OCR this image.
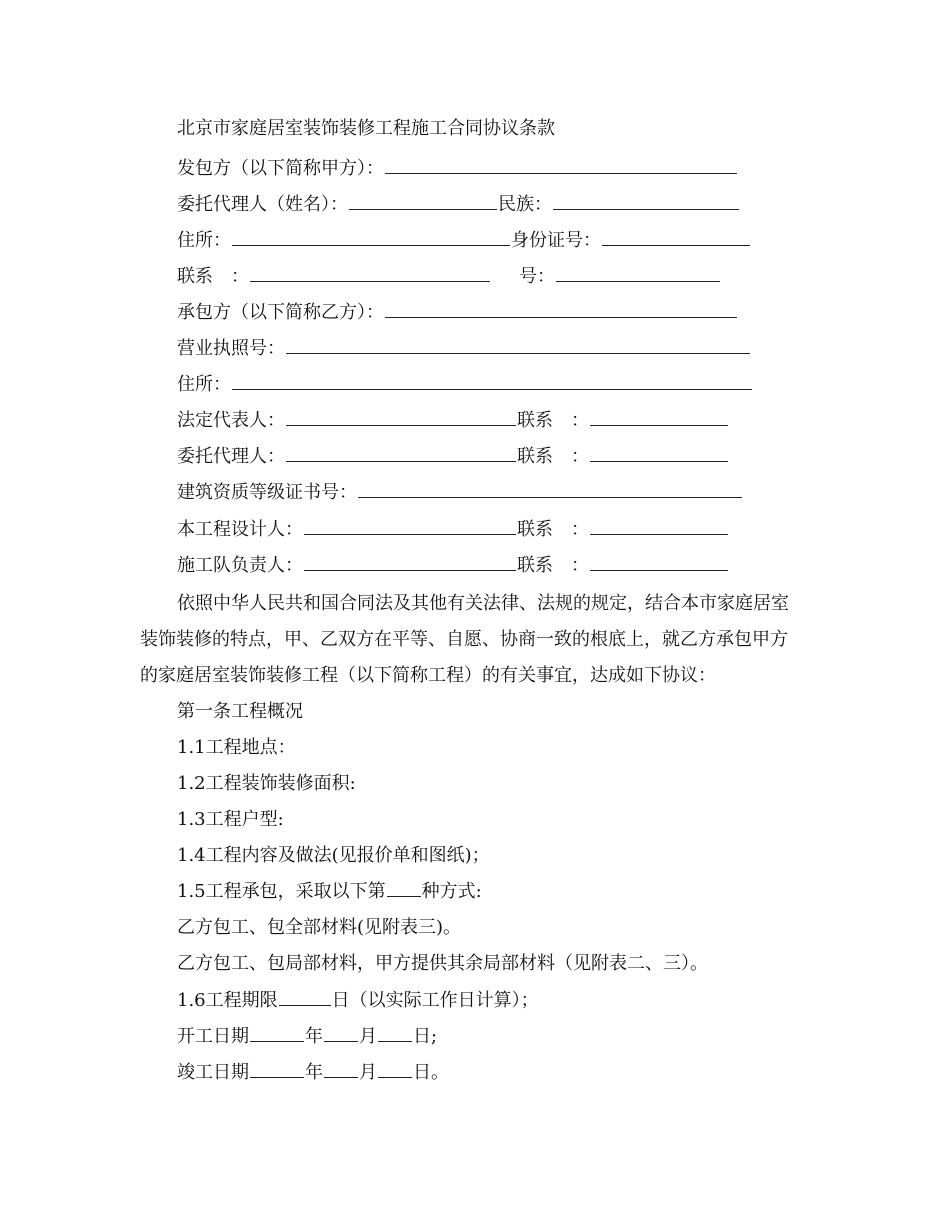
北京市家庭居室装饰装修工程施工合同协议条款
发包方（以下简称甲方）：
委托代理人（姓名）：	民族：
住所：	身份证号：
联系　：	号：
承包方（以下简称乙方）：
营业执照号：
住所：
法定代表人：	联系　：
委托代理人：	联系　：
建筑资质等级证书号：
本工程设计人：	联系　：
施工队负责人：	联系　：
依照中华人民共和国合同法及其他有关法律、法规的规定，结合本市家庭居室
装饰装修的特点，甲、乙双方在平等、自愿、协商一致的根底上，就乙方承包甲方
的家庭居室装饰装修工程（以下简称工程）的有关事宜，达成如下协议：
第一条工程概况
1.1工程地点：
1.2工程装饰装修面积:
1.3工程户型:
1.4工程内容及做法(见报价单和图纸)；
1.5工程承包，采取以下第 种方式:
乙方包工、包全部材料(见附表三)。
乙方包工、包局部材料，甲方提供其余局部材料（见附表二、三）。
1.6工程期限	日（以实际工作日计算）；
开工日期	年 月 日;
竣工日期	年 月 日。
